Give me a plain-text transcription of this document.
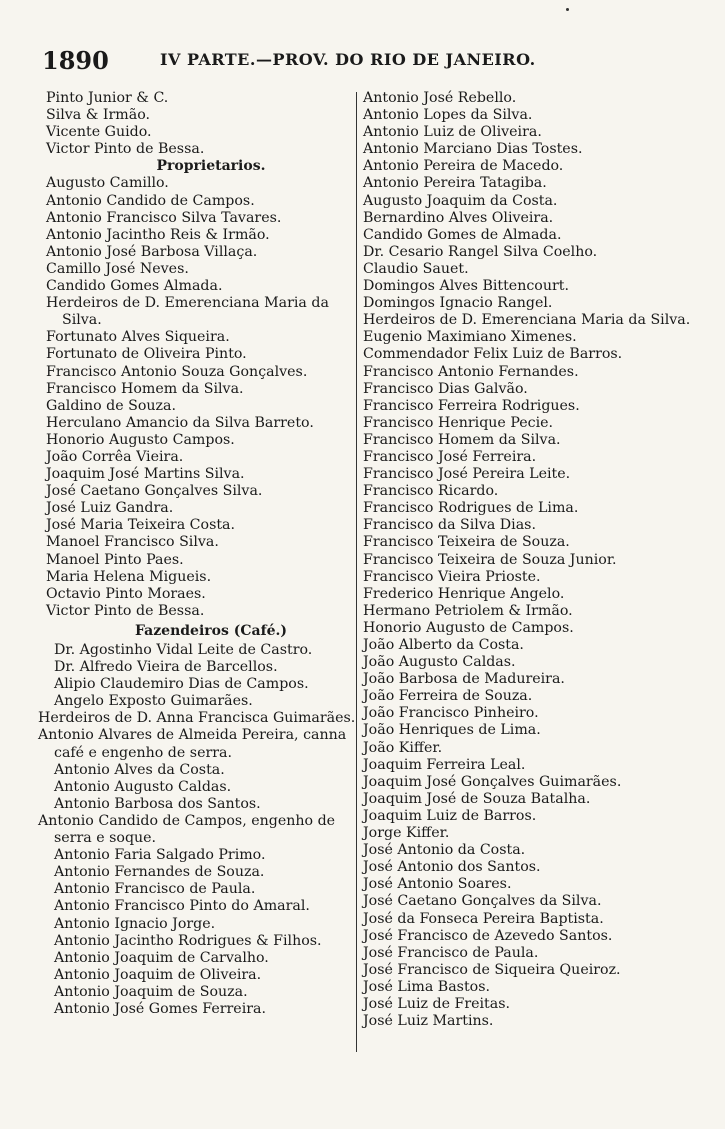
1890	IV PARTE.—PROV. DO RIO DE JANEIRO.
Pinto Junior & C.
Silva & Irmão.
Vicente Guido.
Victor Pinto de Bessa.
Proprietarios.
Augusto Camillo.
Antonio Candido de Campos.
Antonio Francisco Silva Tavares.
Antonio Jacintho Reis & Irmão.
Antonio José Barbosa Villaça.
Camillo José Neves.
Candido Gomes Almada.
Herdeiros de D. Emerenciana Maria da Silva.
Fortunato Alves Siqueira.
Fortunato de Oliveira Pinto.
Francisco Antonio Souza Gonçalves.
Francisco Homem da Silva.
Galdino de Souza.
Herculano Amancio da Silva Barreto.
Honorio Augusto Campos.
João Corrêa Vieira.
Joaquim José Martins Silva.
José Caetano Gonçalves Silva.
José Luiz Gandra.
José Maria Teixeira Costa.
Manoel Francisco Silva.
Manoel Pinto Paes.
Maria Helena Migueis.
Octavio Pinto Moraes.
Victor Pinto de Bessa.
Fazendeiros (Café.)
Dr. Agostinho Vidal Leite de Castro.
Dr. Alfredo Vieira de Barcellos.
Alipio Claudemiro Dias de Campos.
Angelo Exposto Guimarães.
Herdeiros de D. Anna Francisca Guimarães.
Antonio Alvares de Almeida Pereira, canna café e engenho de serra.
Antonio Alves da Costa.
Antonio Augusto Caldas.
Antonio Barbosa dos Santos.
Antonio Candido de Campos, engenho de serra e soque.
Antonio Faria Salgado Primo.
Antonio Fernandes de Souza.
Antonio Francisco de Paula.
Antonio Francisco Pinto do Amaral.
Antonio Ignacio Jorge.
Antonio Jacintho Rodrigues & Filhos.
Antonio Joaquim de Carvalho.
Antonio Joaquim de Oliveira.
Antonio Joaquim de Souza.
Antonio José Gomes Ferreira.
Antonio José Rebello.
Antonio Lopes da Silva.
Antonio Luiz de Oliveira.
Antonio Marciano Dias Tostes.
Antonio Pereira de Macedo.
Antonio Pereira Tatagiba.
Augusto Joaquim da Costa.
Bernardino Alves Oliveira.
Candido Gomes de Almada.
Dr. Cesario Rangel Silva Coelho.
Claudio Sauet.
Domingos Alves Bittencourt.
Domingos Ignacio Rangel.
Herdeiros de D. Emerenciana Maria da Silva.
Eugenio Maximiano Ximenes.
Commendador Felix Luiz de Barros.
Francisco Antonio Fernandes.
Francisco Dias Galvão.
Francisco Ferreira Rodrigues.
Francisco Henrique Pecie.
Francisco Homem da Silva.
Francisco José Ferreira.
Francisco José Pereira Leite.
Francisco Ricardo.
Francisco Rodrigues de Lima.
Francisco da Silva Dias.
Francisco Teixeira de Souza.
Francisco Teixeira de Souza Junior.
Francisco Vieira Prioste.
Frederico Henrique Angelo.
Hermano Petriolem & Irmão.
Honorio Augusto de Campos.
João Alberto da Costa.
João Augusto Caldas.
João Barbosa de Madureira.
João Ferreira de Souza.
João Francisco Pinheiro.
João Henriques de Lima.
João Kiffer.
Joaquim Ferreira Leal.
Joaquim José Gonçalves Guimarães.
Joaquim José de Souza Batalha.
Joaquim Luiz de Barros.
Jorge Kiffer.
José Antonio da Costa.
José Antonio dos Santos.
José Antonio Soares.
José Caetano Gonçalves da Silva.
José da Fonseca Pereira Baptista.
José Francisco de Azevedo Santos.
José Francisco de Paula.
José Francisco de Siqueira Queiroz.
José Lima Bastos.
José Luiz de Freitas.
José Luiz Martins.
